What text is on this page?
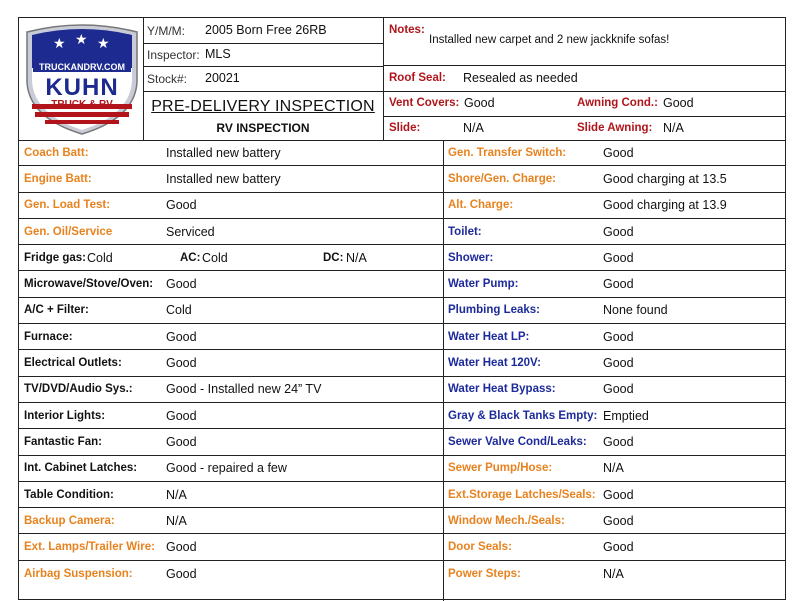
★ ★ ★
TRUCKANDRV.COM
KUHN
TRUCK & RV
Y/M/M: 2005 Born Free 26RB
Inspector: MLS
Stock#: 20021
PRE-DELIVERY INSPECTION
RV INSPECTION
Notes:
Installed new carpet and 2 new jackknife sofas!
Roof Seal: Resealed as needed
Vent Covers: Good	Awning Cond.: Good
Slide:	N/A	Slide Awning: N/A
Coach Batt:	Installed new battery	Gen. Transfer Switch:	Good
Engine Batt:	Installed new battery	Shore/Gen. Charge:	Good charging at 13.5
Gen. Load Test:	Good	Alt. Charge:	Good charging at 13.9
Gen. Oil/Service	Serviced	Toilet:	Good
Fridge gas: Cold	AC: Cold	DC: N/A	Shower:	Good
Microwave/Stove/Oven: Good	Water Pump:	Good
A/C + Filter:	Cold	Plumbing Leaks:	None found
Furnace:	Good	Water Heat LP:	Good
Electrical Outlets:	Good	Water Heat 120V:	Good
TV/DVD/Audio Sys.:	Good - Installed new 24” TV	Water Heat Bypass:	Good
Interior Lights:	Good	Gray & Black Tanks Empty: Emptied
Fantastic Fan:	Good	Sewer Valve Cond/Leaks: Good
Int. Cabinet Latches: Good - repaired a few	Sewer Pump/Hose:	N/A
Table Condition:	N/A	Ext.Storage Latches/Seals: Good
Backup Camera:	N/A	Window Mech./Seals:	Good
Ext. Lamps/Trailer Wire: Good	Door Seals:	Good
Airbag Suspension:	Good	Power Steps:	N/A
